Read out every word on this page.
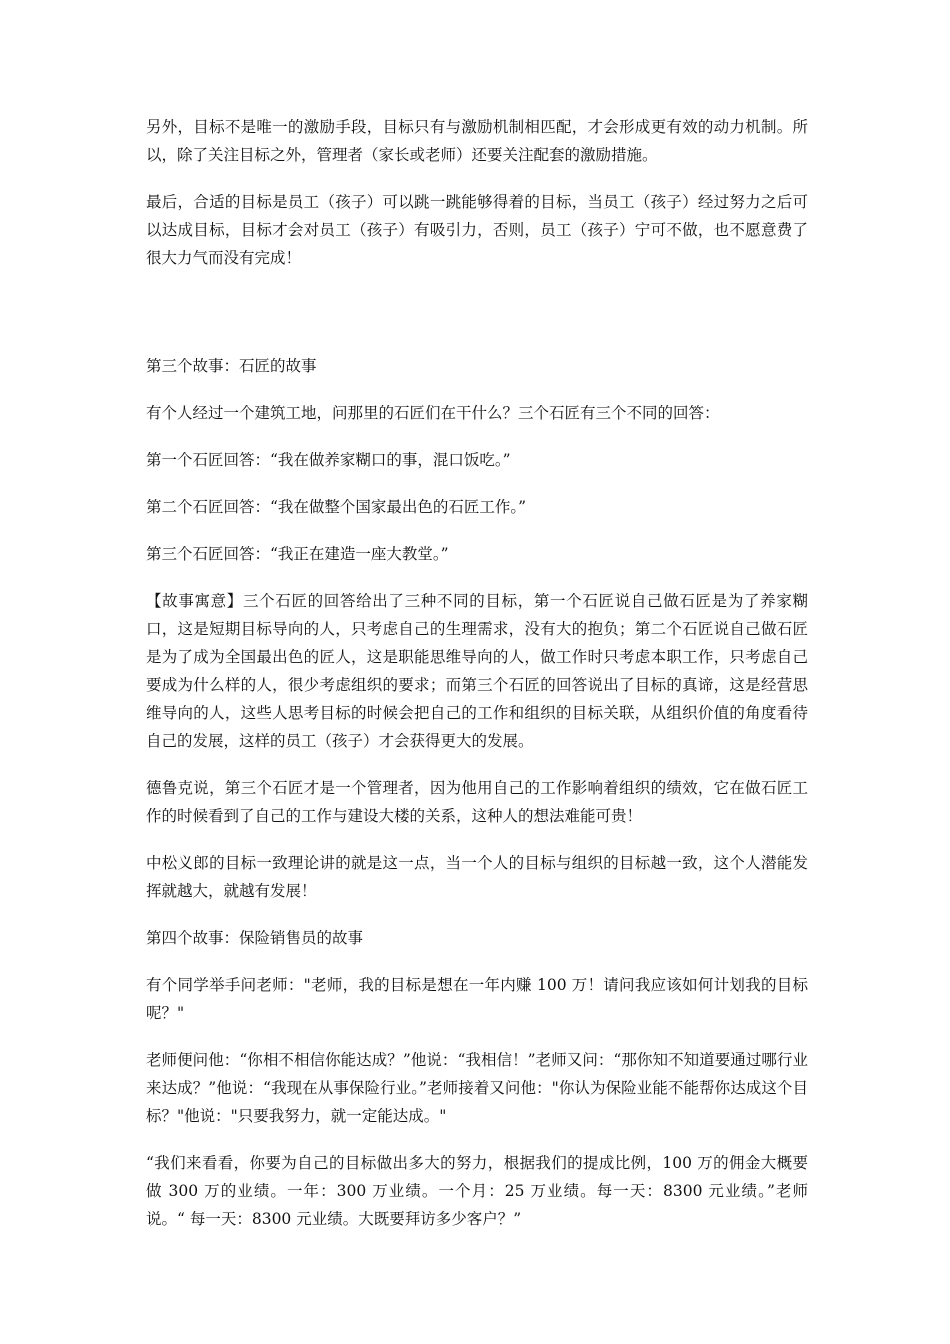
另外，目标不是唯一的激励手段，目标只有与激励机制相匹配，才会形成更有效的动力机制。所以，除了关注目标之外，管理者（家长或老师）还要关注配套的激励措施。

最后，合适的目标是员工（孩子）可以跳一跳能够得着的目标，当员工（孩子）经过努力之后可以达成目标，目标才会对员工（孩子）有吸引力，否则，员工（孩子）宁可不做，也不愿意费了很大力气而没有完成！

第三个故事：石匠的故事

有个人经过一个建筑工地，问那里的石匠们在干什么？三个石匠有三个不同的回答：

第一个石匠回答：“我在做养家糊口的事，混口饭吃。”

第二个石匠回答：“我在做整个国家最出色的石匠工作。”

第三个石匠回答：“我正在建造一座大教堂。”

【故事寓意】三个石匠的回答给出了三种不同的目标，第一个石匠说自己做石匠是为了养家糊口，这是短期目标导向的人，只考虑自己的生理需求，没有大的抱负；第二个石匠说自己做石匠是为了成为全国最出色的匠人，这是职能思维导向的人，做工作时只考虑本职工作，只考虑自己要成为什么样的人，很少考虑组织的要求；而第三个石匠的回答说出了目标的真谛，这是经营思维导向的人，这些人思考目标的时候会把自己的工作和组织的目标关联，从组织价值的角度看待自己的发展，这样的员工（孩子）才会获得更大的发展。

德鲁克说，第三个石匠才是一个管理者，因为他用自己的工作影响着组织的绩效，它在做石匠工作的时候看到了自己的工作与建设大楼的关系，这种人的想法难能可贵！

中松义郎的目标一致理论讲的就是这一点，当一个人的目标与组织的目标越一致，这个人潜能发挥就越大，就越有发展！

第四个故事：保险销售员的故事

有个同学举手问老师："老师，我的目标是想在一年内赚 100 万！请问我应该如何计划我的目标呢？"

老师便问他：“你相不相信你能达成？”他说：“我相信！”老师又问：“那你知不知道要通过哪行业来达成？”他说：“我现在从事保险行业。”老师接着又问他："你认为保险业能不能帮你达成这个目标？"他说："只要我努力，就一定能达成。"

“我们来看看，你要为自己的目标做出多大的努力，根据我们的提成比例，100 万的佣金大概要做 300 万的业绩。一年：300 万业绩。一个月：25 万业绩。每一天：8300 元业绩。”老师说。“ 每一天：8300 元业绩。大既要拜访多少客户？”
